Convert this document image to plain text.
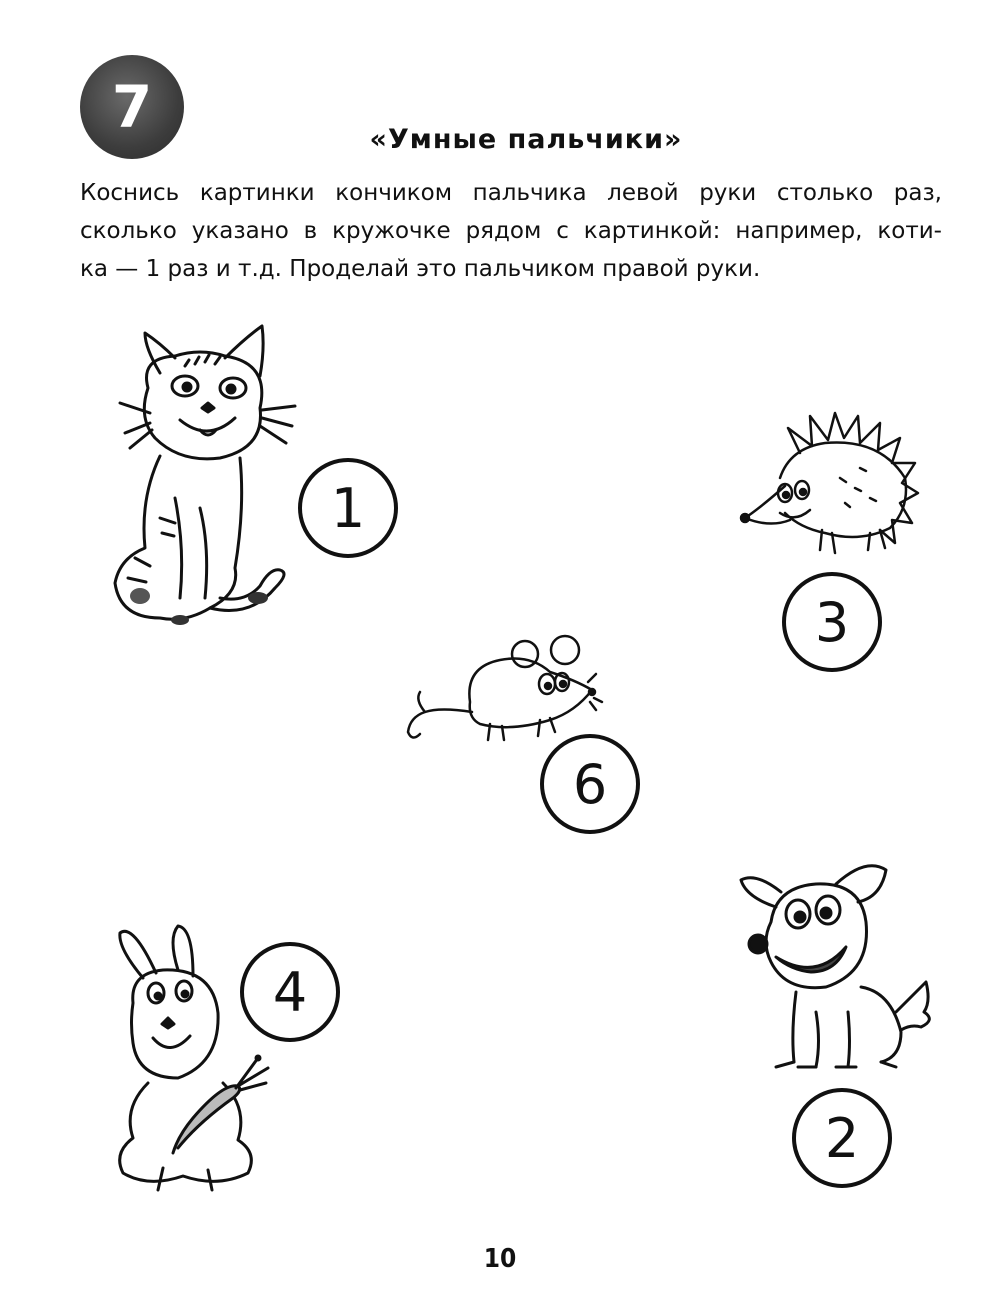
7	«Умные пальчики»
Коснись картинки кончиком пальчика левой руки столько раз,
сколько указано в кружочке рядом с картинкой: например, коти-
ка — 1 раз и т.д. Проделай это пальчиком правой руки.
1
3
6
4
2
10
